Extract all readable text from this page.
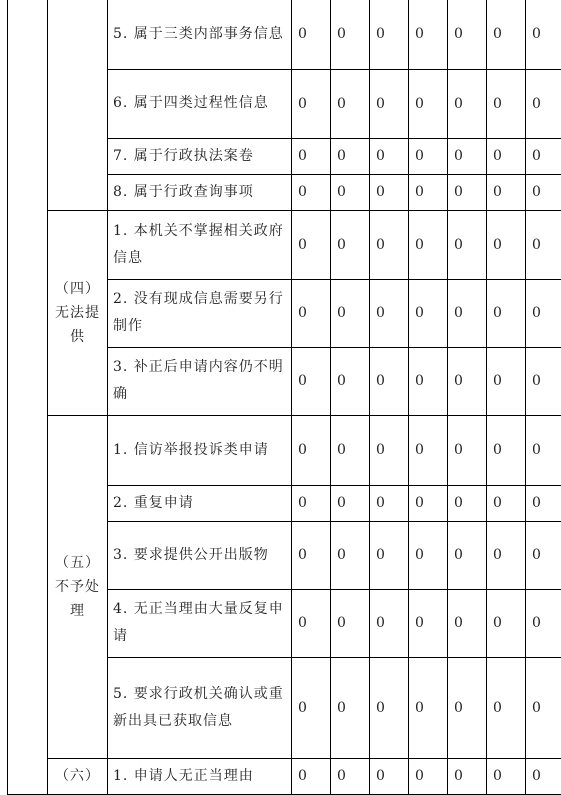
		5. 属于三类内部事务信息	0	0	0	0	0	0	0
		6. 属于四类过程性信息	0	0	0	0	0	0	0
		7. 属于行政执法案卷	0	0	0	0	0	0	0
		8. 属于行政查询事项	0	0	0	0	0	0	0
	（四）无法提供	1. 本机关不掌握相关政府信息	0	0	0	0	0	0	0
		2. 没有现成信息需要另行制作	0	0	0	0	0	0	0
		3. 补正后申请内容仍不明确	0	0	0	0	0	0	0
	（五）不予处理	1. 信访举报投诉类申请	0	0	0	0	0	0	0
		2. 重复申请	0	0	0	0	0	0	0
		3. 要求提供公开出版物	0	0	0	0	0	0	0
		4. 无正当理由大量反复申请	0	0	0	0	0	0	0
		5. 要求行政机关确认或重新出具已获取信息	0	0	0	0	0	0	0
	（六）	1. 申请人无正当理由	0	0	0	0	0	0	0
